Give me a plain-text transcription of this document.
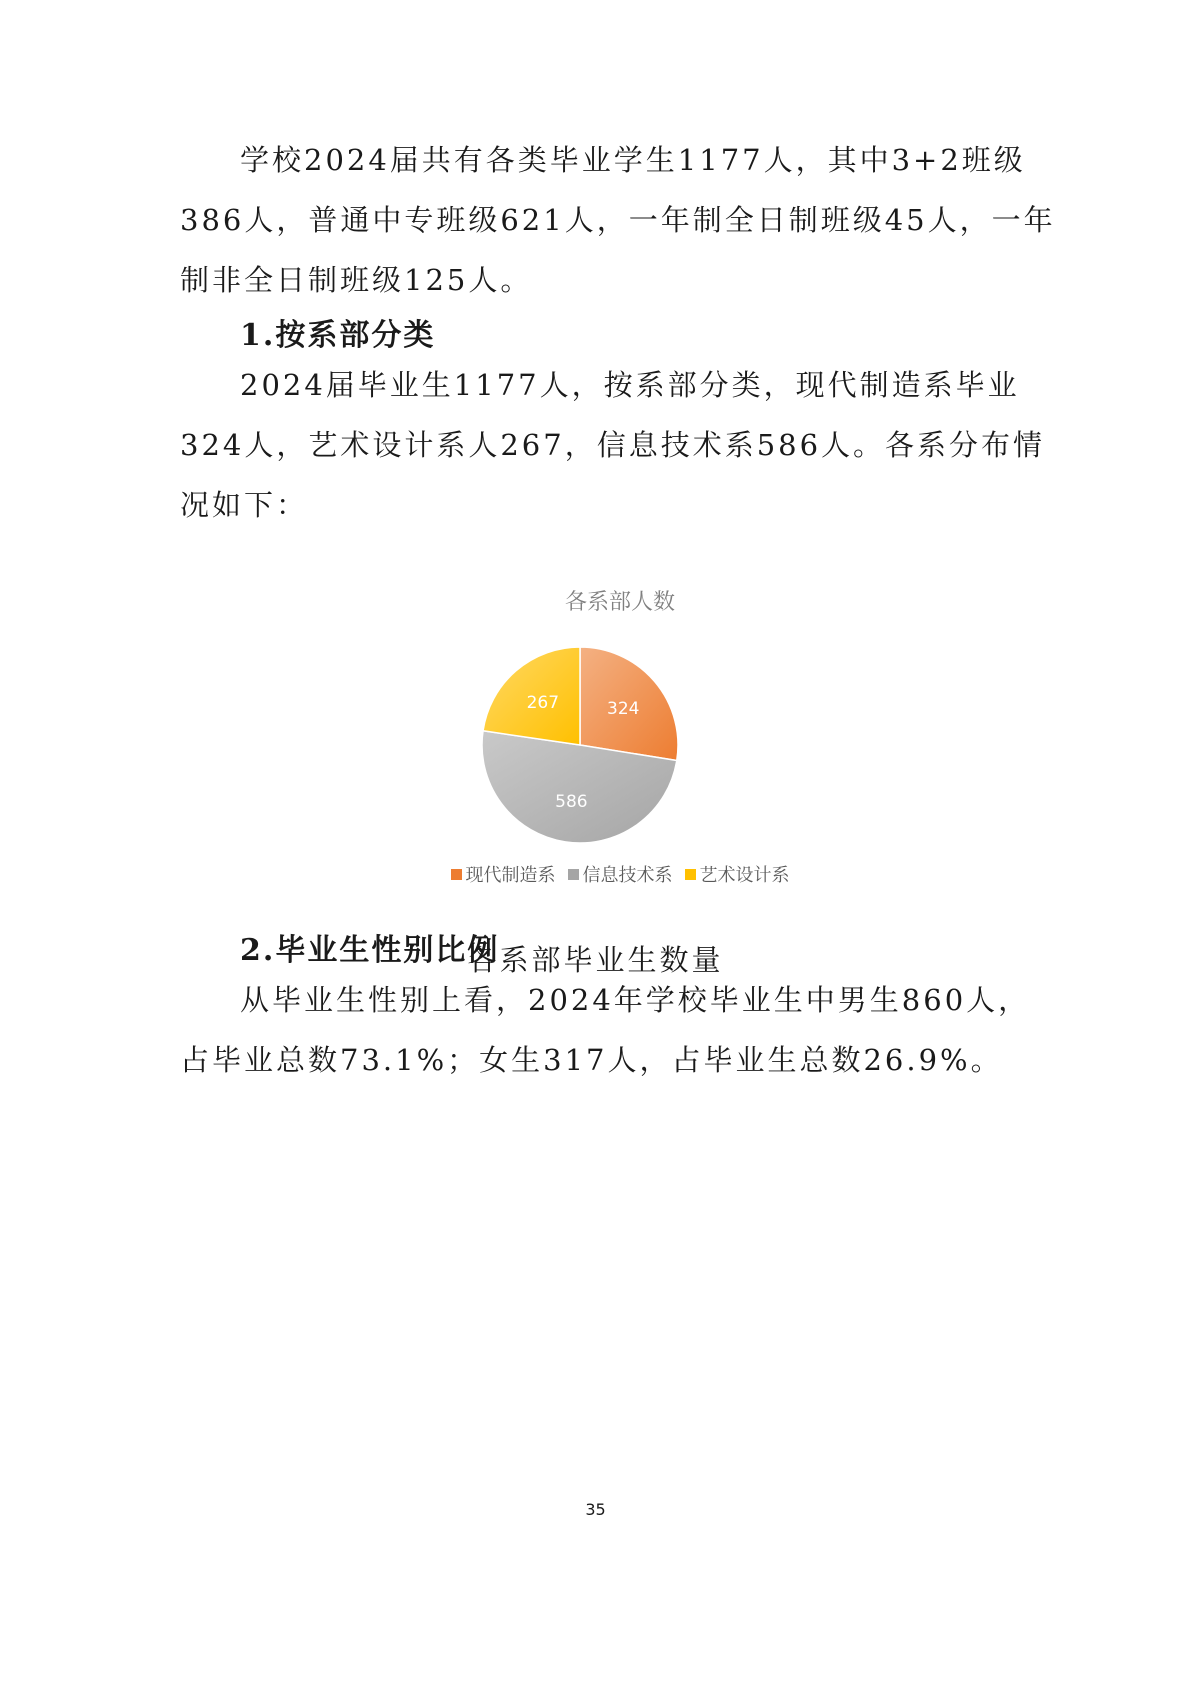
学校2024届共有各类毕业学生1177人，其中3+2班级386人，普通中专班级621人，一年制全日制班级45人，一年制非全日制班级125人。

1.按系部分类

2024届毕业生1177人，按系部分类，现代制造系毕业324人，艺术设计系人267，信息技术系586人。各系分布情况如下：

各系部人数
324
586
267
现代制造系 信息技术系 艺术设计系

各系部毕业生数量

2.毕业生性别比例

从毕业生性别上看，2024年学校毕业生中男生860人，占毕业总数73.1%；女生317人，占毕业生总数26.9%。

35
